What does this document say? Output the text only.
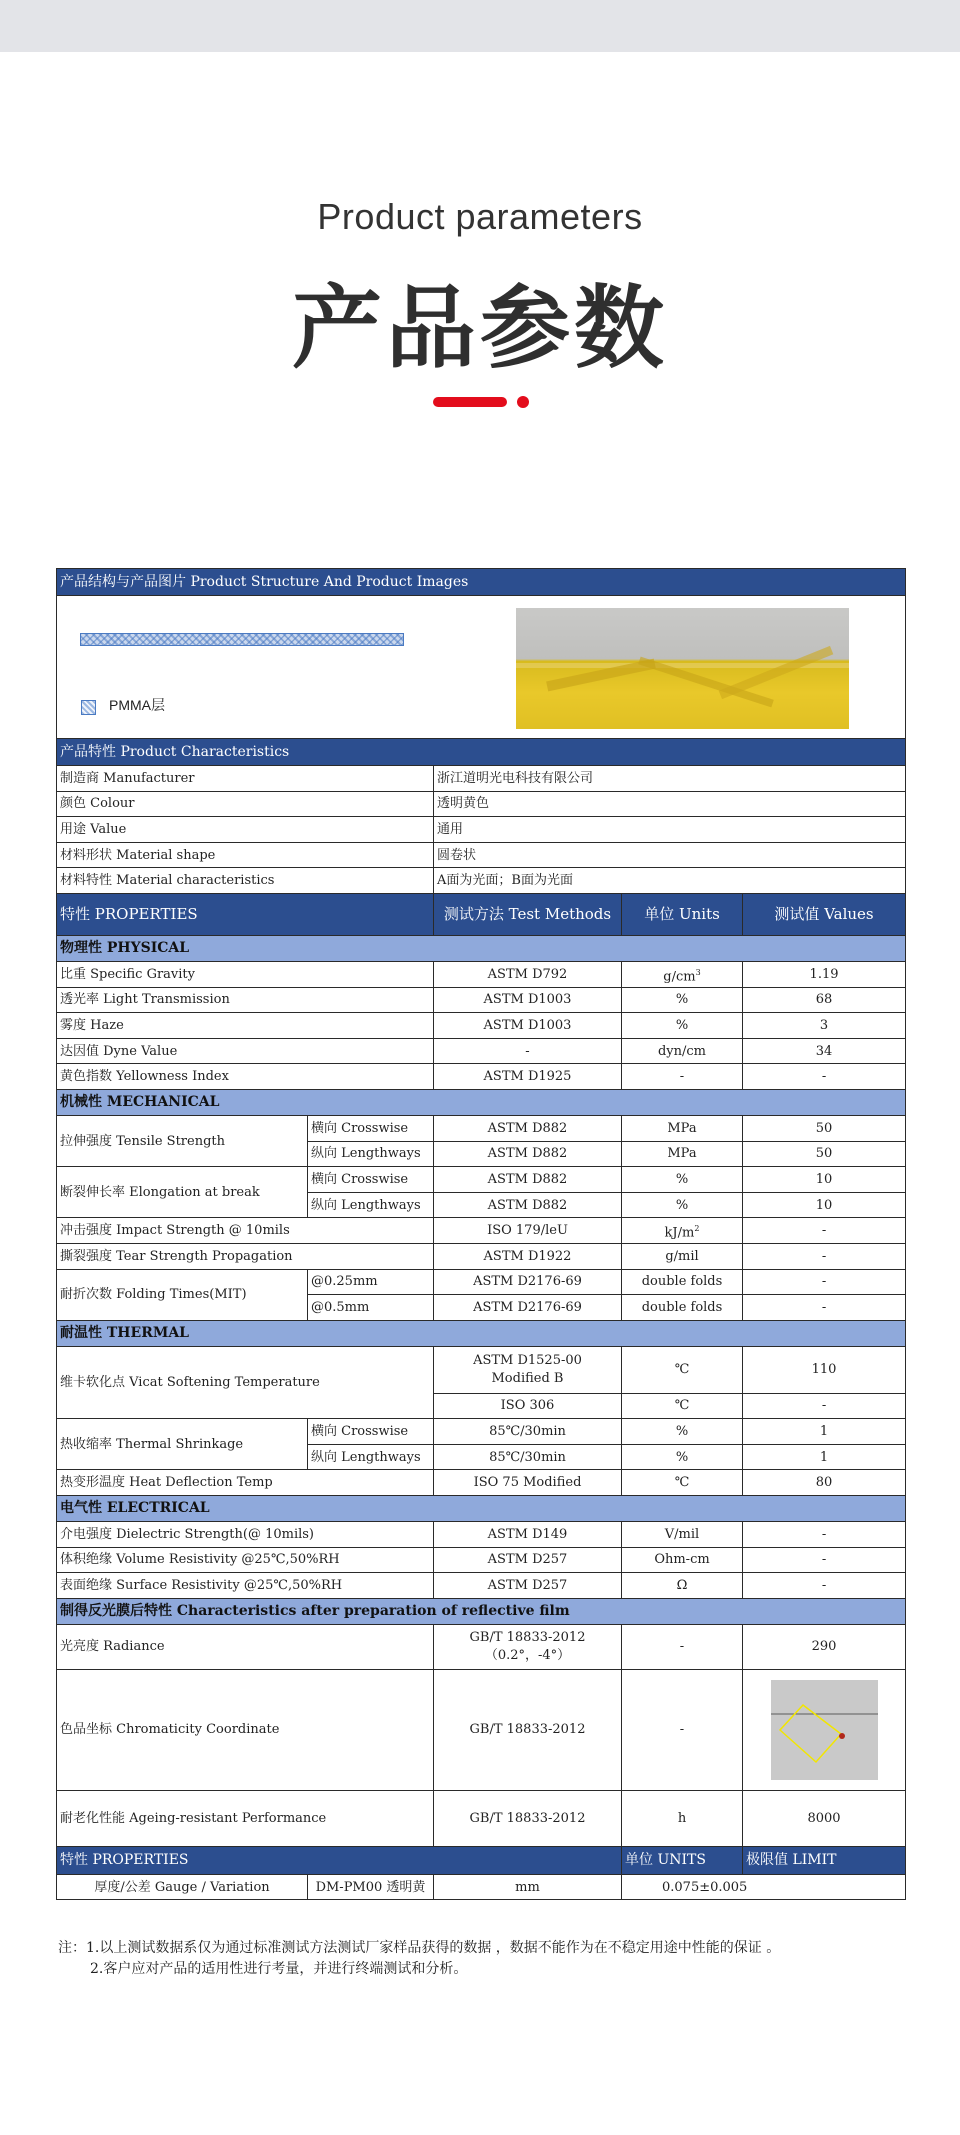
Product parameters
产品参数
产品结构与产品图片 Product Structure And Product Images				

PMMA层				

产品特性 Product Characteristics				
制造商 Manufacturer		浙江道明光电科技有限公司		
颜色 Colour		透明黄色		
用途 Value		通用		
材料形状 Material shape		圆卷状		
材料特性 Material characteristics		A面为光面；B面为光面		
特性 PROPERTIES		测试方法 Test Methods	单位 Units	测试值 Values
物理性 PHYSICAL				
比重 Specific Gravity		ASTM D792	$g/cm^3$	1.19
透光率 Light Transmission		ASTM D1003	%	68
雾度 Haze		ASTM D1003	%	3
达因值 Dyne Value		-	dyn/cm	34
黄色指数 Yellowness Index		ASTM D1925	-	-
机械性 MECHANICAL				
拉伸强度 Tensile Strength	横向 Crosswise	ASTM D882	MPa	50
	纵向 Lengthways	ASTM D882	MPa	50
断裂伸长率 Elongation at break	横向 Crosswise	ASTM D882	%	10
	纵向 Lengthways	ASTM D882	%	10
冲击强度 Impact Strength @ 10mils		ISO 179/leU	$kJ/m^2$	-
撕裂强度 Tear Strength Propagation		ASTM D1922	g/mil	-
耐折次数 Folding Times(MIT)	@0.25mm	ASTM D2176-69	double folds	-
	@0.5mm	ASTM D2176-69	double folds	-
耐温性 THERMAL				
维卡软化点 Vicat Softening Temperature		ASTM D1525-00
Modified B	℃	110
		ISO 306	℃	-
热收缩率 Thermal Shrinkage	横向 Crosswise	85℃/30min	%	1
	纵向 Lengthways	85℃/30min	%	1
热变形温度 Heat Deflection Temp		ISO 75 Modified	℃	80
电气性 ELECTRICAL				
介电强度 Dielectric Strength(@ 10mils)		ASTM D149	V/mil	-
体积绝缘 Volume Resistivity @25℃,50%RH		ASTM D257	Ohm-cm	-
表面绝缘 Surface Resistivity @25℃,50%RH		ASTM D257	Ω	-
制得反光膜后特性 Characteristics after preparation of reflective film				
光亮度 Radiance		GB/T 18833-2012
（0.2°，-4°）	-	290
色品坐标 Chromaticity Coordinate		GB/T 18833-2012	-	

耐老化性能 Ageing-resistant Performance		GB/T 18833-2012	h	8000
特性 PROPERTIES			单位 UNITS	极限值 LIMIT
厚度/公差 Gauge / Variation	DM-PM00 透明黄	mm	0.075±0.005	
注：1.以上测试数据系仅为通过标准测试方法测试厂家样品获得的数据 ，数据不能作为在不稳定用途中性能的保证 。
2.客户应对产品的适用性进行考量，并进行终端测试和分析。
